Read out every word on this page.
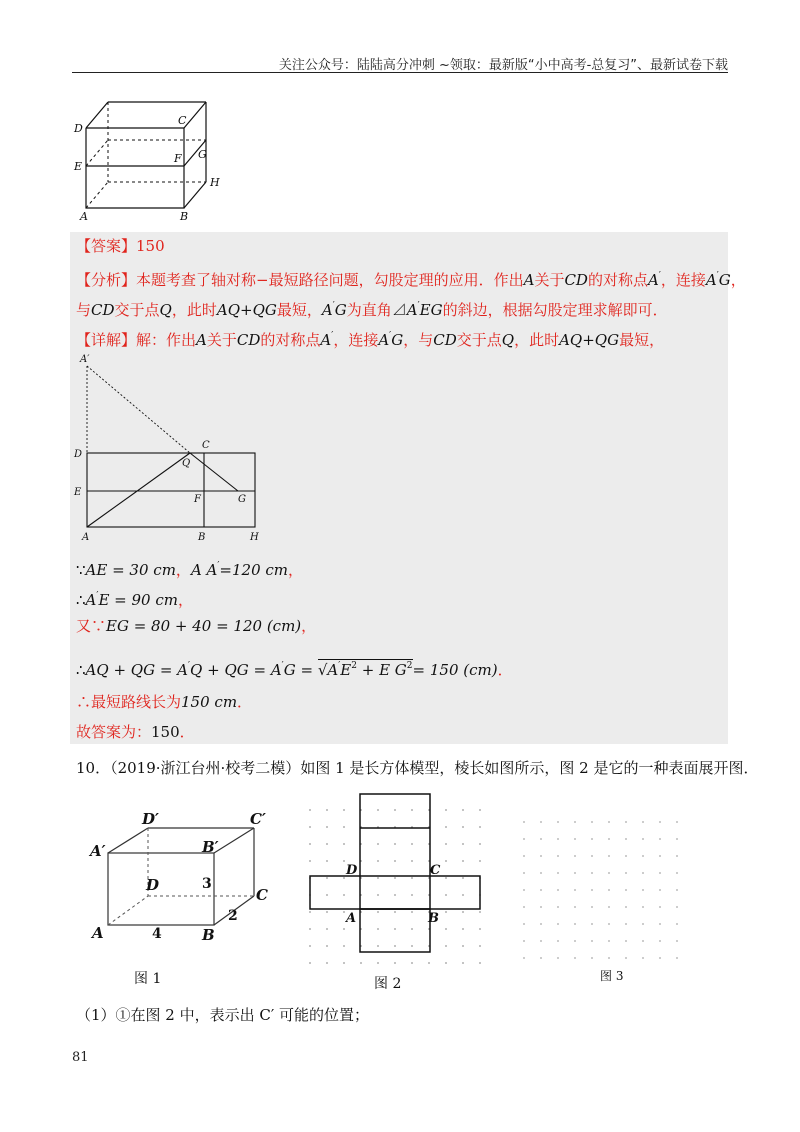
关注公众号：陆陆高分冲刺 ~领取：最新版“小中高考-总复习”、最新试卷下载
D
C
E
F G
A	B
H
【答案】150
【分析】本题考查了轴对称−最短路径问题，勾股定理的应用．作出A关于CD的对称点A′，连接A′G，
与CD交于点Q，此时AQ+QG最短，A′G为直角⊿A′EG的斜边，根据勾股定理求解即可．
【详解】解：作出A关于CD的对称点A′，连接A′G，与CD交于点Q，此时AQ+QG最短，
A′
C
D
Q
E
F	G
A	B	H
∵AE = 30 cm，A A′=120 cm，
∴A′E = 90 cm，
又∵EG = 80 + 40 = 120 (cm)，
∴AQ + QG = A′Q + QG = $A'G = √A'E^2 + E$ $G^2= 150$ (cm)．
∴最短路线长为150 cm．
故答案为：150．
10．（2019·浙江台州·校考二模）如图 1 是长方体模型，棱长如图所示，图 2 是它的一种表面展开图．
D′	C′
A′	B′
D
C
A	B
3
2
4
图 1
D	C
A	B
图 2	图 3
（1）①在图 2 中，表示出 C′ 可能的位置；
81
